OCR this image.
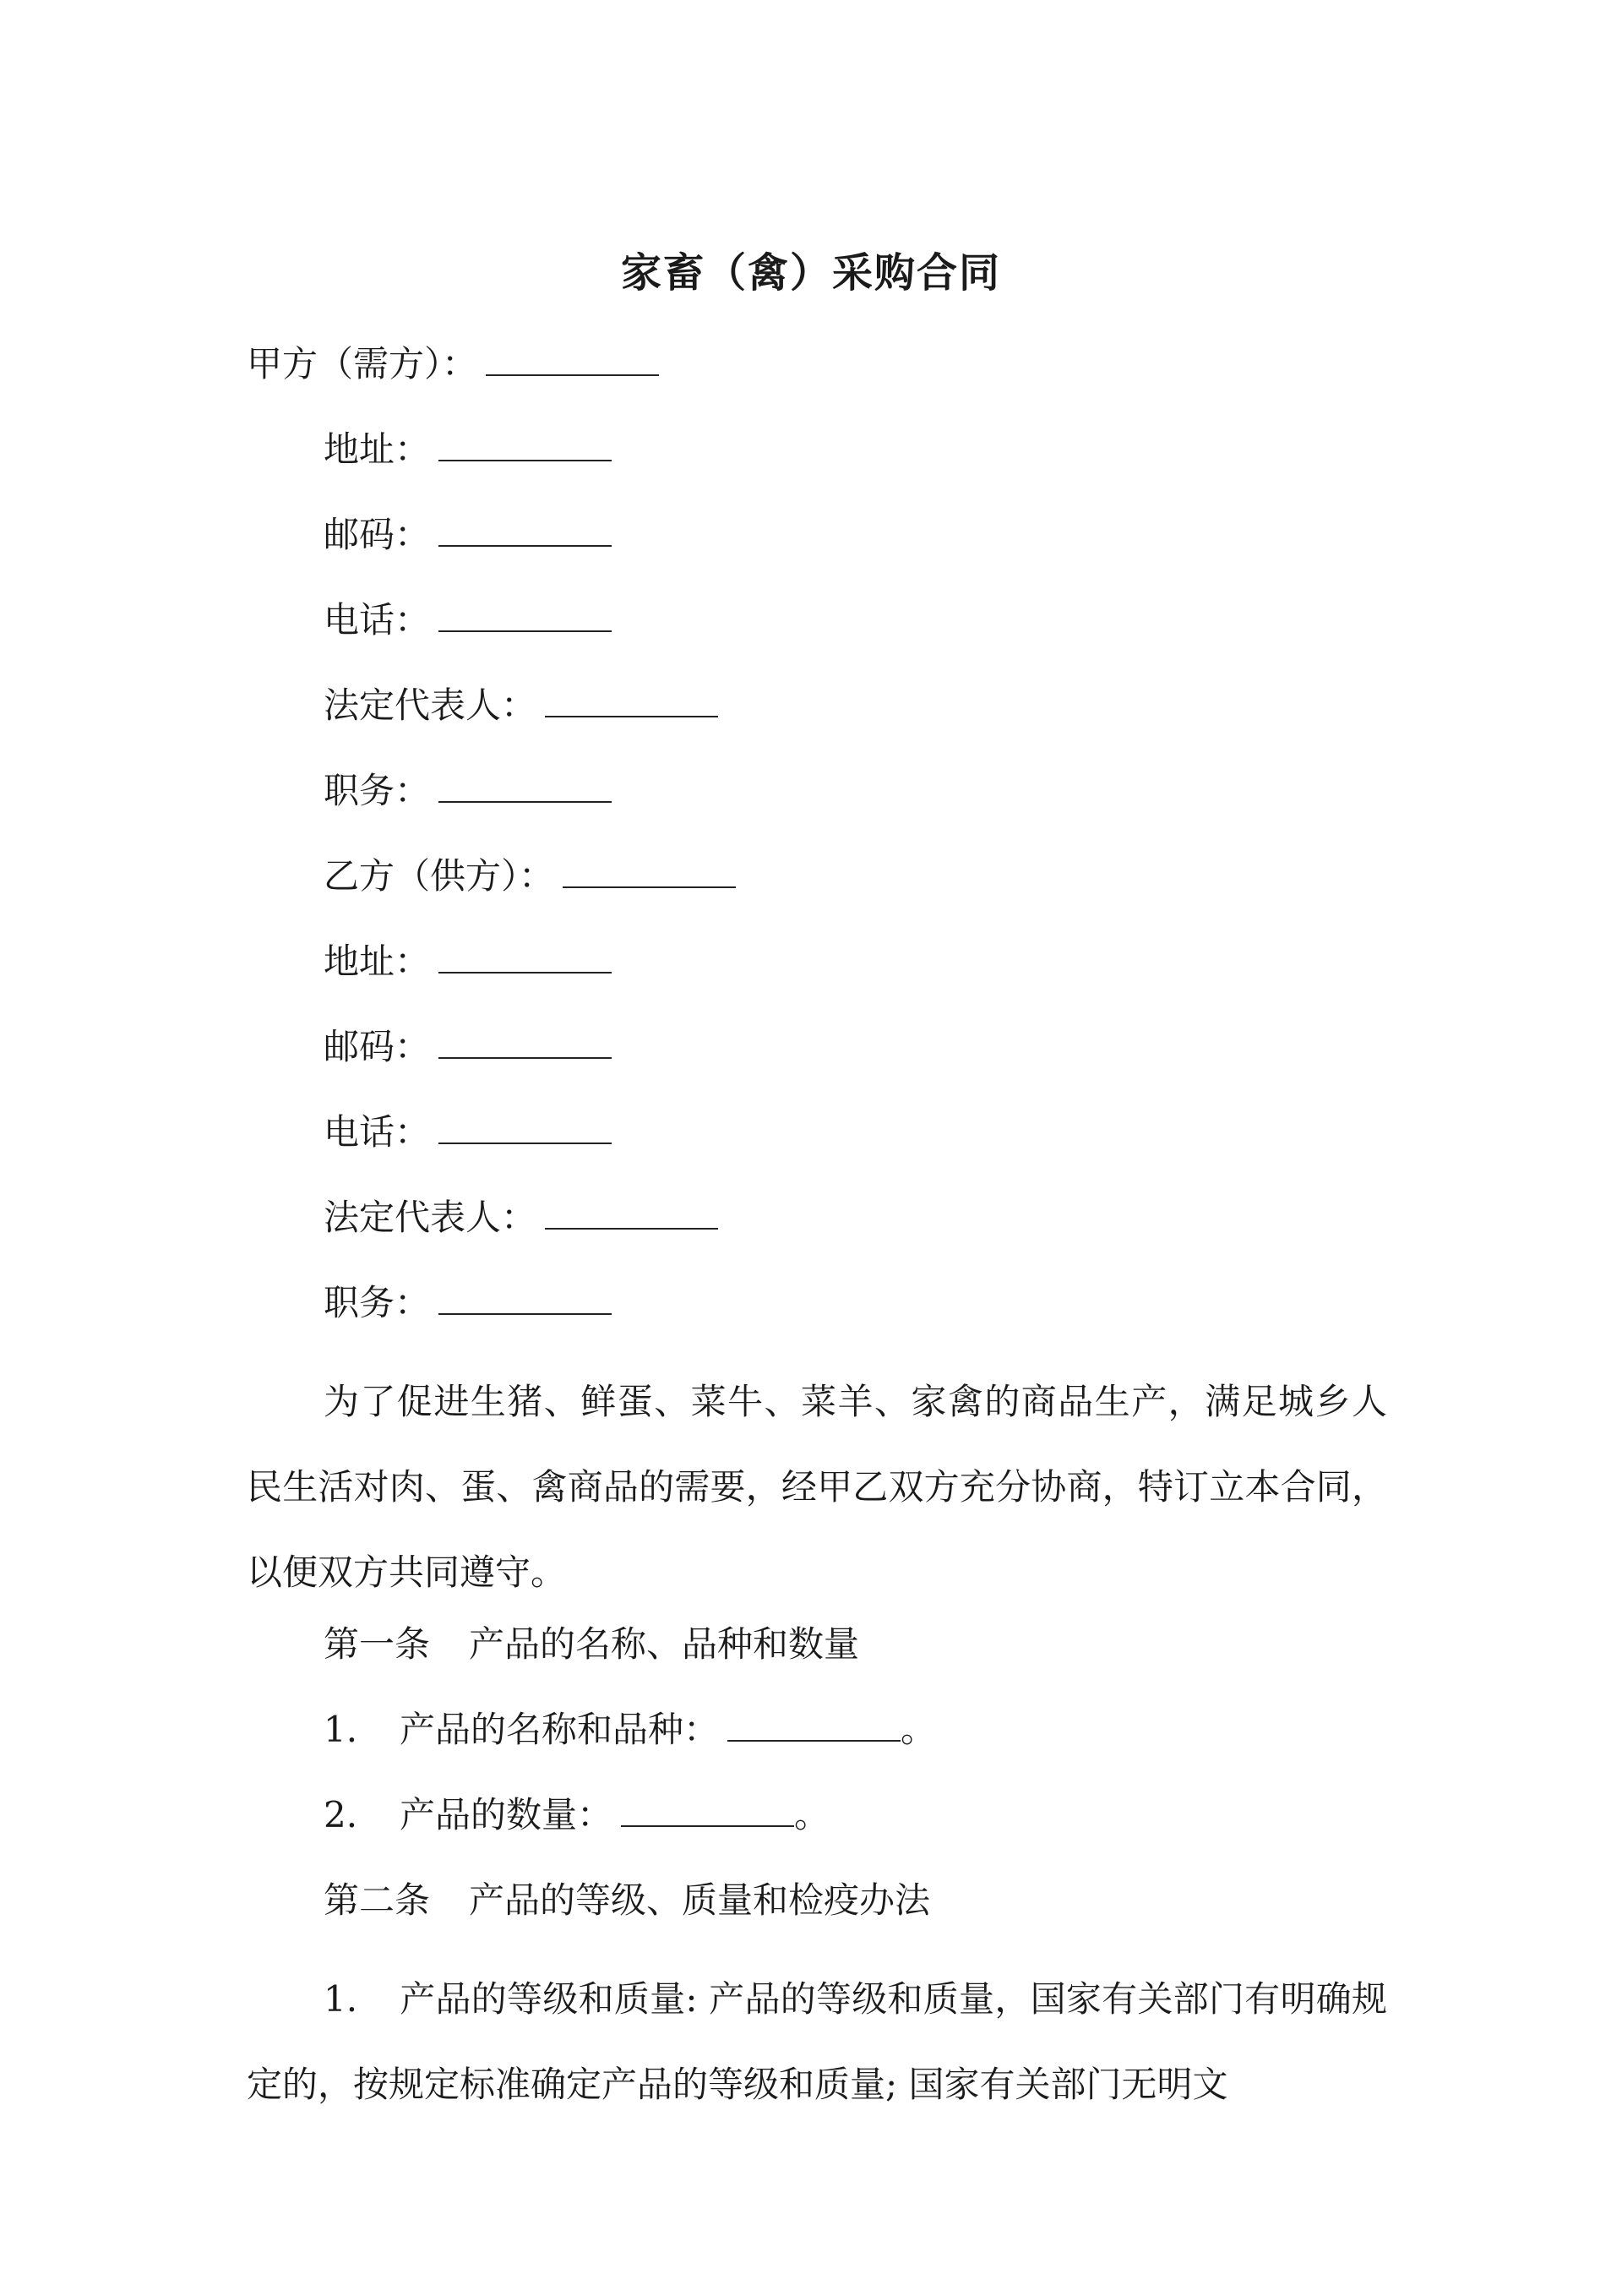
家畜（禽）采购合同
甲方（需方）：
地址：
邮码：
电话：
法定代表人：
职务：
乙方（供方）：
地址：
邮码：
电话：
法定代表人：
职务：

为了促进生猪、鲜蛋、菜牛、菜羊、家禽的商品生产，满足城乡人民生活对肉、蛋、禽商品的需要，经甲乙双方充分协商，特订立本合同，以便双方共同遵守。

第一条 产品的名称、品种和数量
1. 产品的名称和品种：	。
2. 产品的数量：	。
第二条 产品的等级、质量和检疫办法

1. 产品的等级和质量: 产品的等级和质量，国家有关部门有明确规定的，按规定标准确定产品的等级和质量; 国家有关部门无明文
